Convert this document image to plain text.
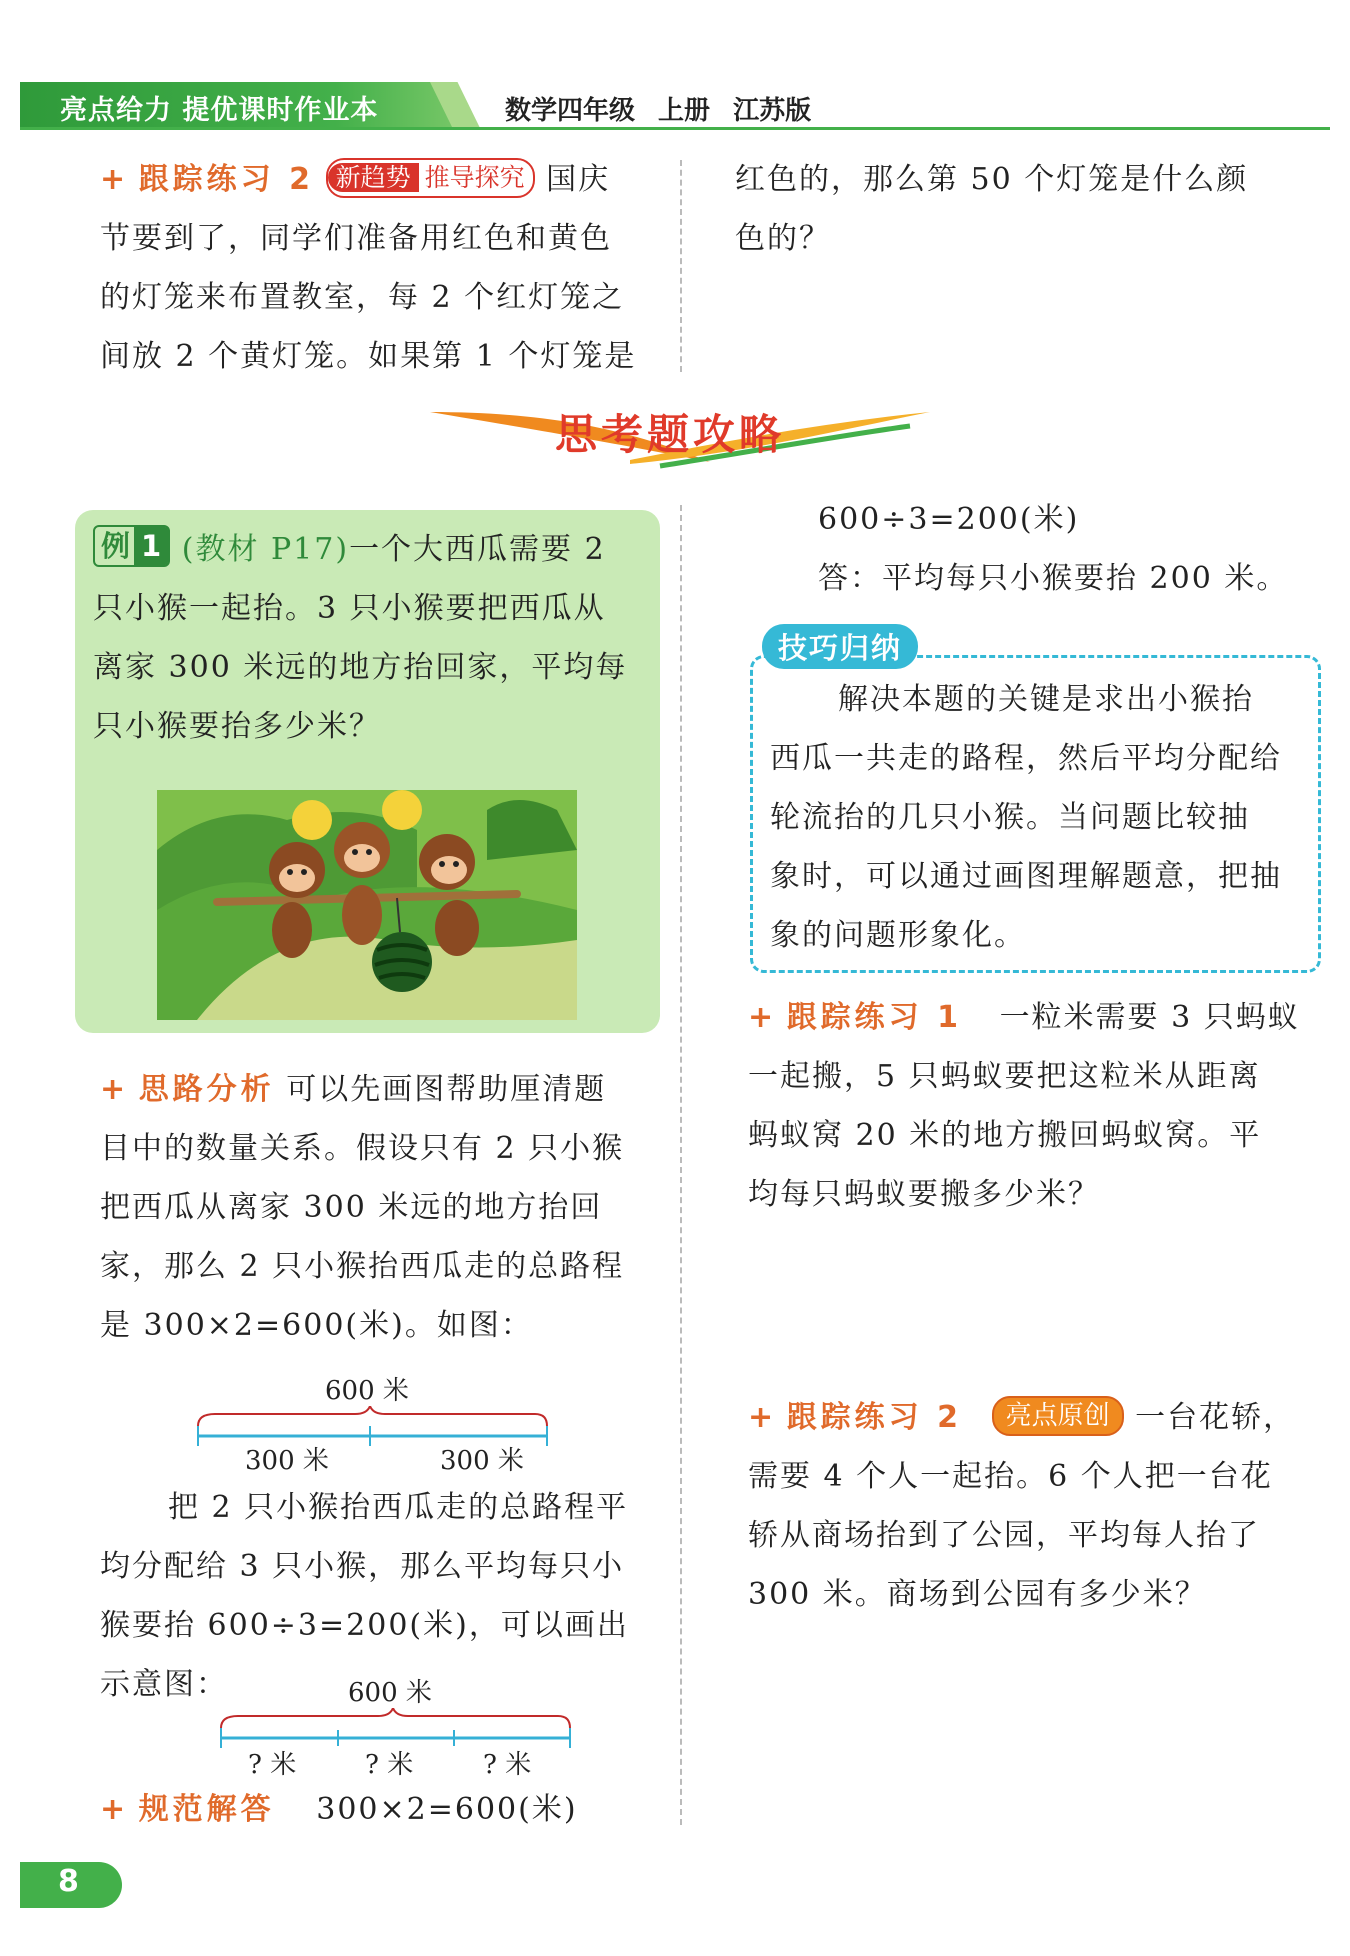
亮点给力 提优课时作业本	数学四年级 上册 江苏版
+ 跟踪练习 2 新趋势 推导探究 国庆
节要到了，同学们准备用红色和黄色
的灯笼来布置教室，每 2 个红灯笼之
间放 2 个黄灯笼。如果第 1 个灯笼是
红色的，那么第 50 个灯笼是什么颜
色的？
思考题攻略
例 1 (教材 P17)一个大西瓜需要 2
只小猴一起抬。3 只小猴要把西瓜从
离家 300 米远的地方抬回家，平均每
只小猴要抬多少米？
+ 思路分析 可以先画图帮助厘清题
目中的数量关系。假设只有 2 只小猴
把西瓜从离家 300 米远的地方抬回
家，那么 2 只小猴抬西瓜走的总路程
是 300×2=600(米)。如图：
600 米
300 米	300 米
把 2 只小猴抬西瓜走的总路程平
均分配给 3 只小猴，那么平均每只小
猴要抬 600÷3=200(米)，可以画出
示意图：	600 米
? 米	? 米	? 米
+ 规范解答 300×2=600(米)
600÷3=200(米)
答：平均每只小猴要抬 200 米。
技巧归纳
解决本题的关键是求出小猴抬
西瓜一共走的路程，然后平均分配给
轮流抬的几只小猴。当问题比较抽
象时，可以通过画图理解题意，把抽
象的问题形象化。
+ 跟踪练习 1 一粒米需要 3 只蚂蚁
一起搬，5 只蚂蚁要把这粒米从距离
蚂蚁窝 20 米的地方搬回蚂蚁窝。平
均每只蚂蚁要搬多少米？
+ 跟踪练习 2 亮点原创 一台花轿，
需要 4 个人一起抬。6 个人把一台花
轿从商场抬到了公园，平均每人抬了
300 米。商场到公园有多少米？
8
